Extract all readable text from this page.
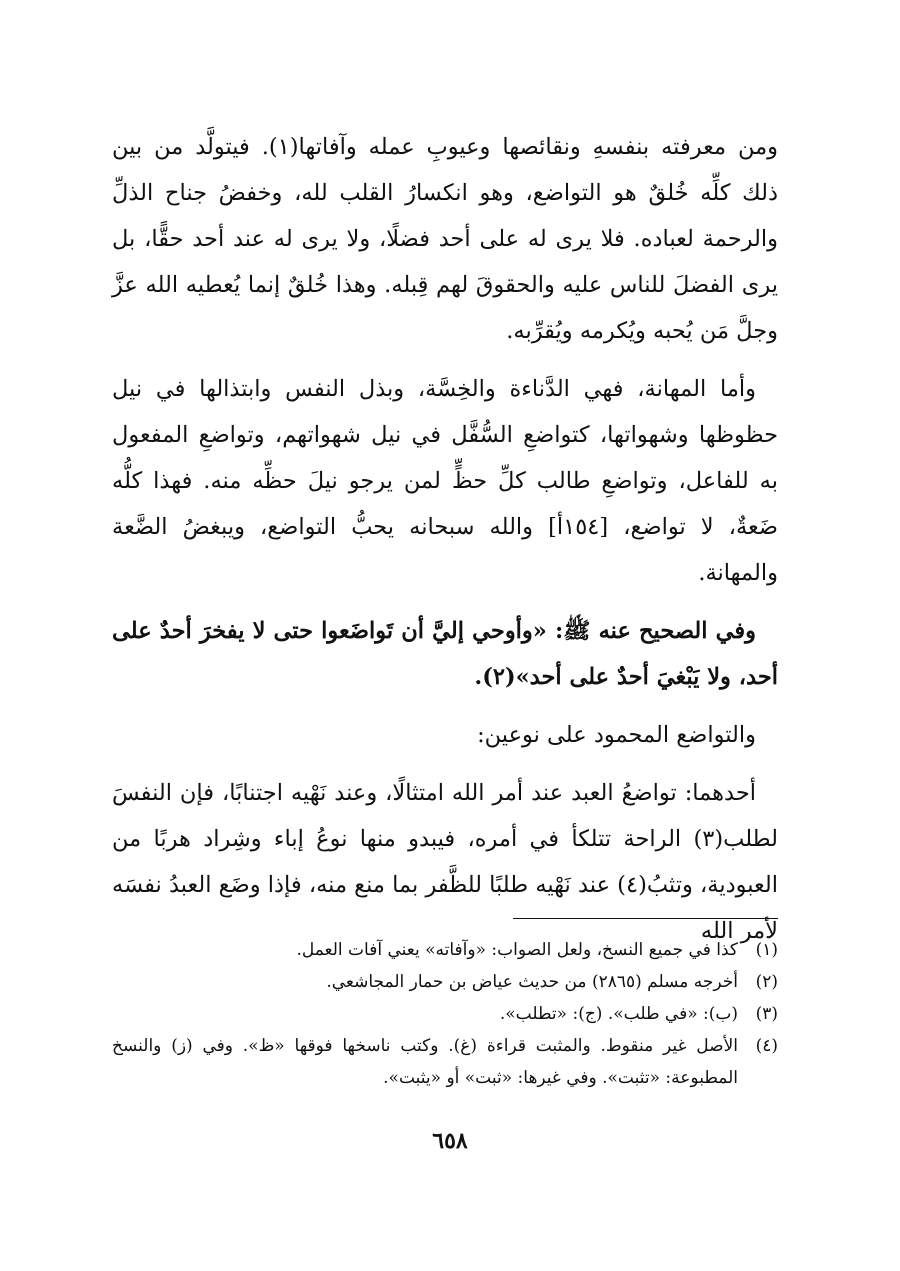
ومن معرفته بنفسهِ ونقائصها وعيوبِ عمله وآفاتها(١). فيتولَّد من بين ذلك كلِّه خُلقٌ هو التواضع، وهو انكسارُ القلب لله، وخفضُ جناح الذلِّ والرحمة لعباده. فلا يرى له على أحد فضلًا، ولا يرى له عند أحد حقًّا، بل يرى الفضلَ للناس عليه والحقوقَ لهم قِبله. وهذا خُلقٌ إنما يُعطيه الله عزَّ وجلَّ مَن يُحبه ويُكرمه ويُقرِّبه.

وأما المهانة، فهي الدَّناءة والخِسَّة، وبذل النفس وابتذالها في نيل حظوظها وشهواتها، كتواضعِ السُّفَّل في نيل شهواتهم، وتواضعِ المفعول به للفاعل، وتواضعِ طالب كلِّ حظٍّ لمن يرجو نيلَ حظِّه منه. فهذا كلُّه ضَعةٌ، لا تواضع، [١٥٤أ] والله سبحانه يحبُّ التواضع، ويبغضُ الضَّعة والمهانة.

وفي الصحيح عنه ﷺ: «وأوحي إليَّ أن تَواضَعوا حتى لا يفخرَ أحدٌ على أحد، ولا يَبْغيَ أحدٌ على أحد»(٢).

والتواضع المحمود على نوعين:

أحدهما: تواضعُ العبد عند أمر الله امتثالًا، وعند نَهْيه اجتنابًا، فإن النفسَ لطلب(٣) الراحة تتلكأ في أمره، فيبدو منها نوعُ إباء وشِراد هربًا من العبودية، وتثبُ(٤) عند نَهْيه طلبًا للظَّفر بما منع منه، فإذا وضَع العبدُ نفسَه لأمر الله

(١)
كذا في جميع النسخ، ولعل الصواب: «وآفاته» يعني آفات العمل.
(٢)
أخرجه مسلم (٢٨٦٥) من حديث عياض بن حمار المجاشعي.
(٣)
(ب): «في طلب». (ج): «تطلب».
(٤)
الأصل غير منقوط. والمثبت قراءة (غ). وكتب ناسخها فوقها «ظ». وفي (ز) والنسخ المطبوعة: «تثبت». وفي غيرها: «ثبت» أو «يثبت».
٦٥٨
